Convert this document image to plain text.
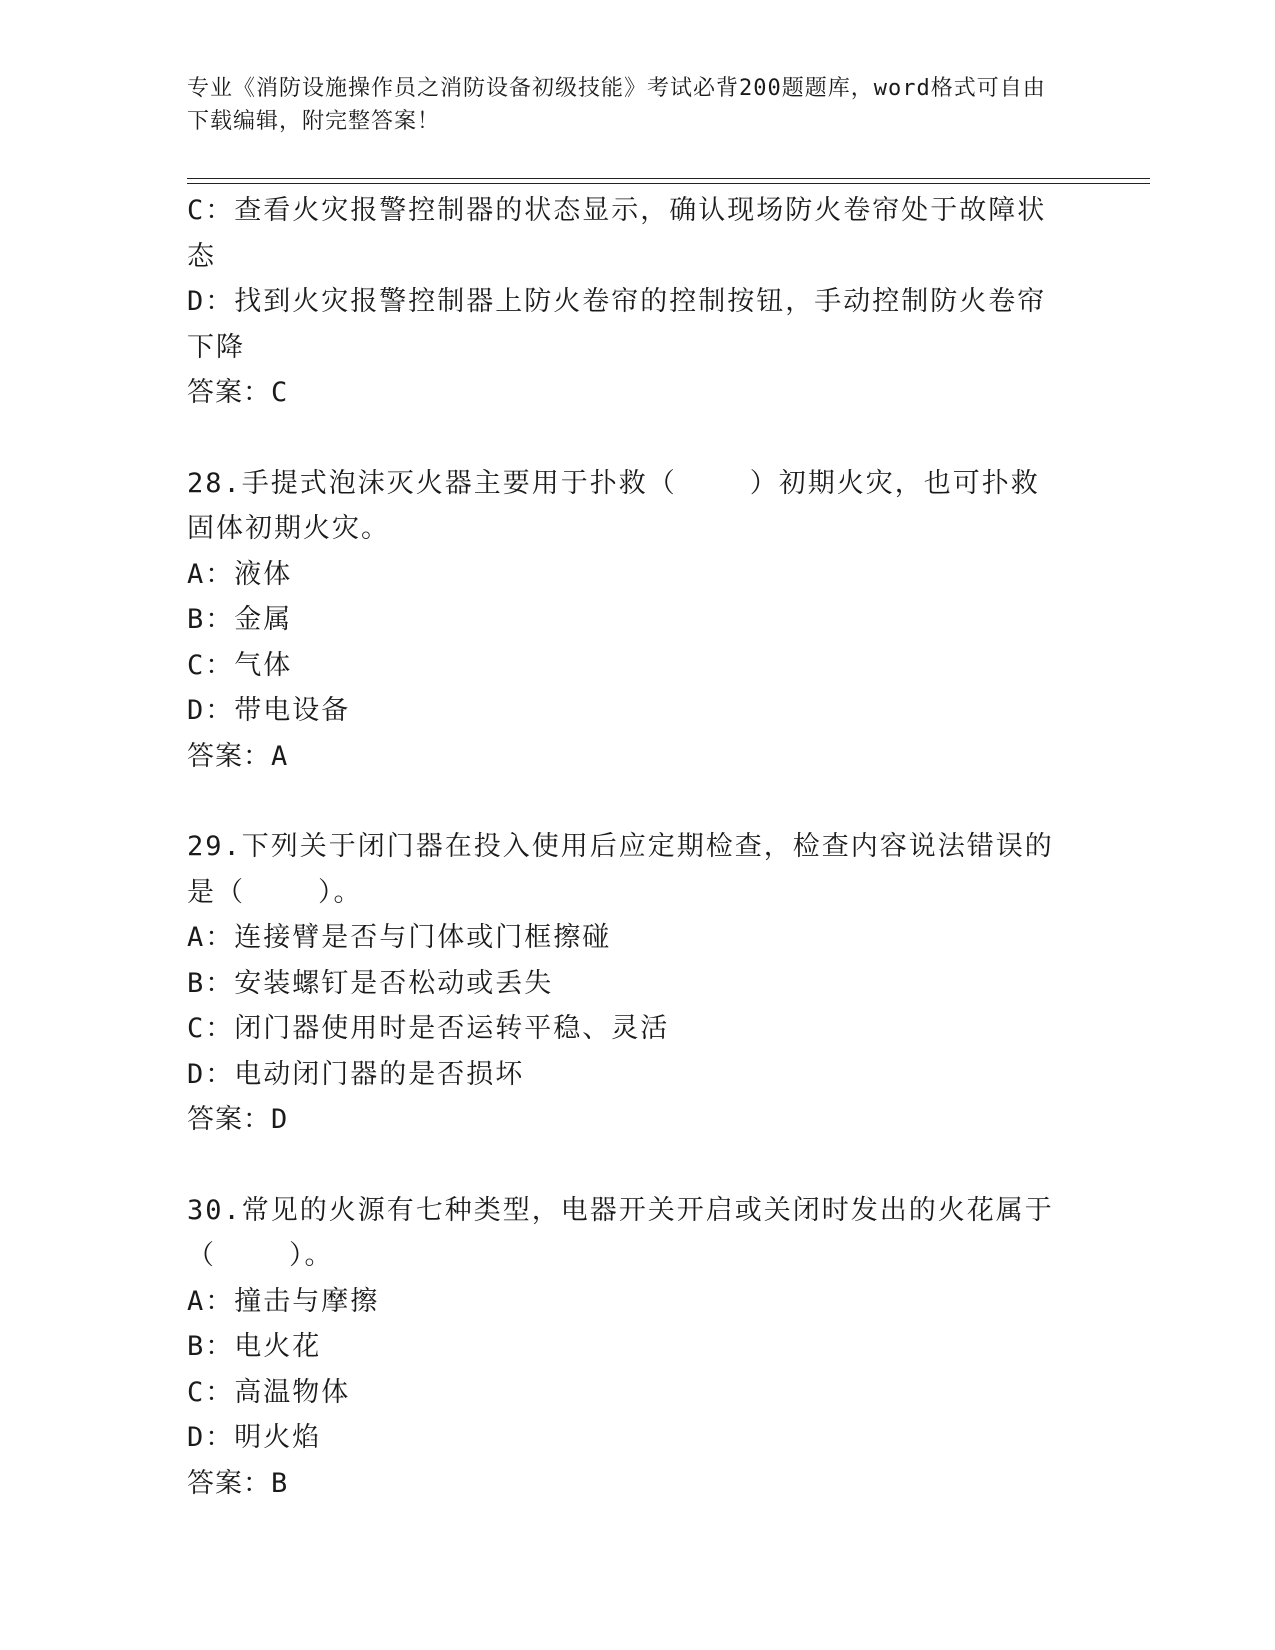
专业《消防设施操作员之消防设备初级技能》考试必背200题题库，word格式可自由下载编辑，附完整答案！
C：查看火灾报警控制器的状态显示，确认现场防火卷帘处于故障状态
D：找到火灾报警控制器上防火卷帘的控制按钮，手动控制防火卷帘下降
答案：C
28.手提式泡沫灭火器主要用于扑救（    ）初期火灾，也可扑救固体初期火灾。
A：液体
B：金属
C：气体
D：带电设备
答案：A
29.下列关于闭门器在投入使用后应定期检查，检查内容说法错误的是（    ）。
A：连接臂是否与门体或门框擦碰
B：安装螺钉是否松动或丢失
C：闭门器使用时是否运转平稳、灵活
D：电动闭门器的是否损坏
答案：D
30.常见的火源有七种类型，电器开关开启或关闭时发出的火花属于（    ）。
A：撞击与摩擦
B：电火花
C：高温物体
D：明火焰
答案：B
